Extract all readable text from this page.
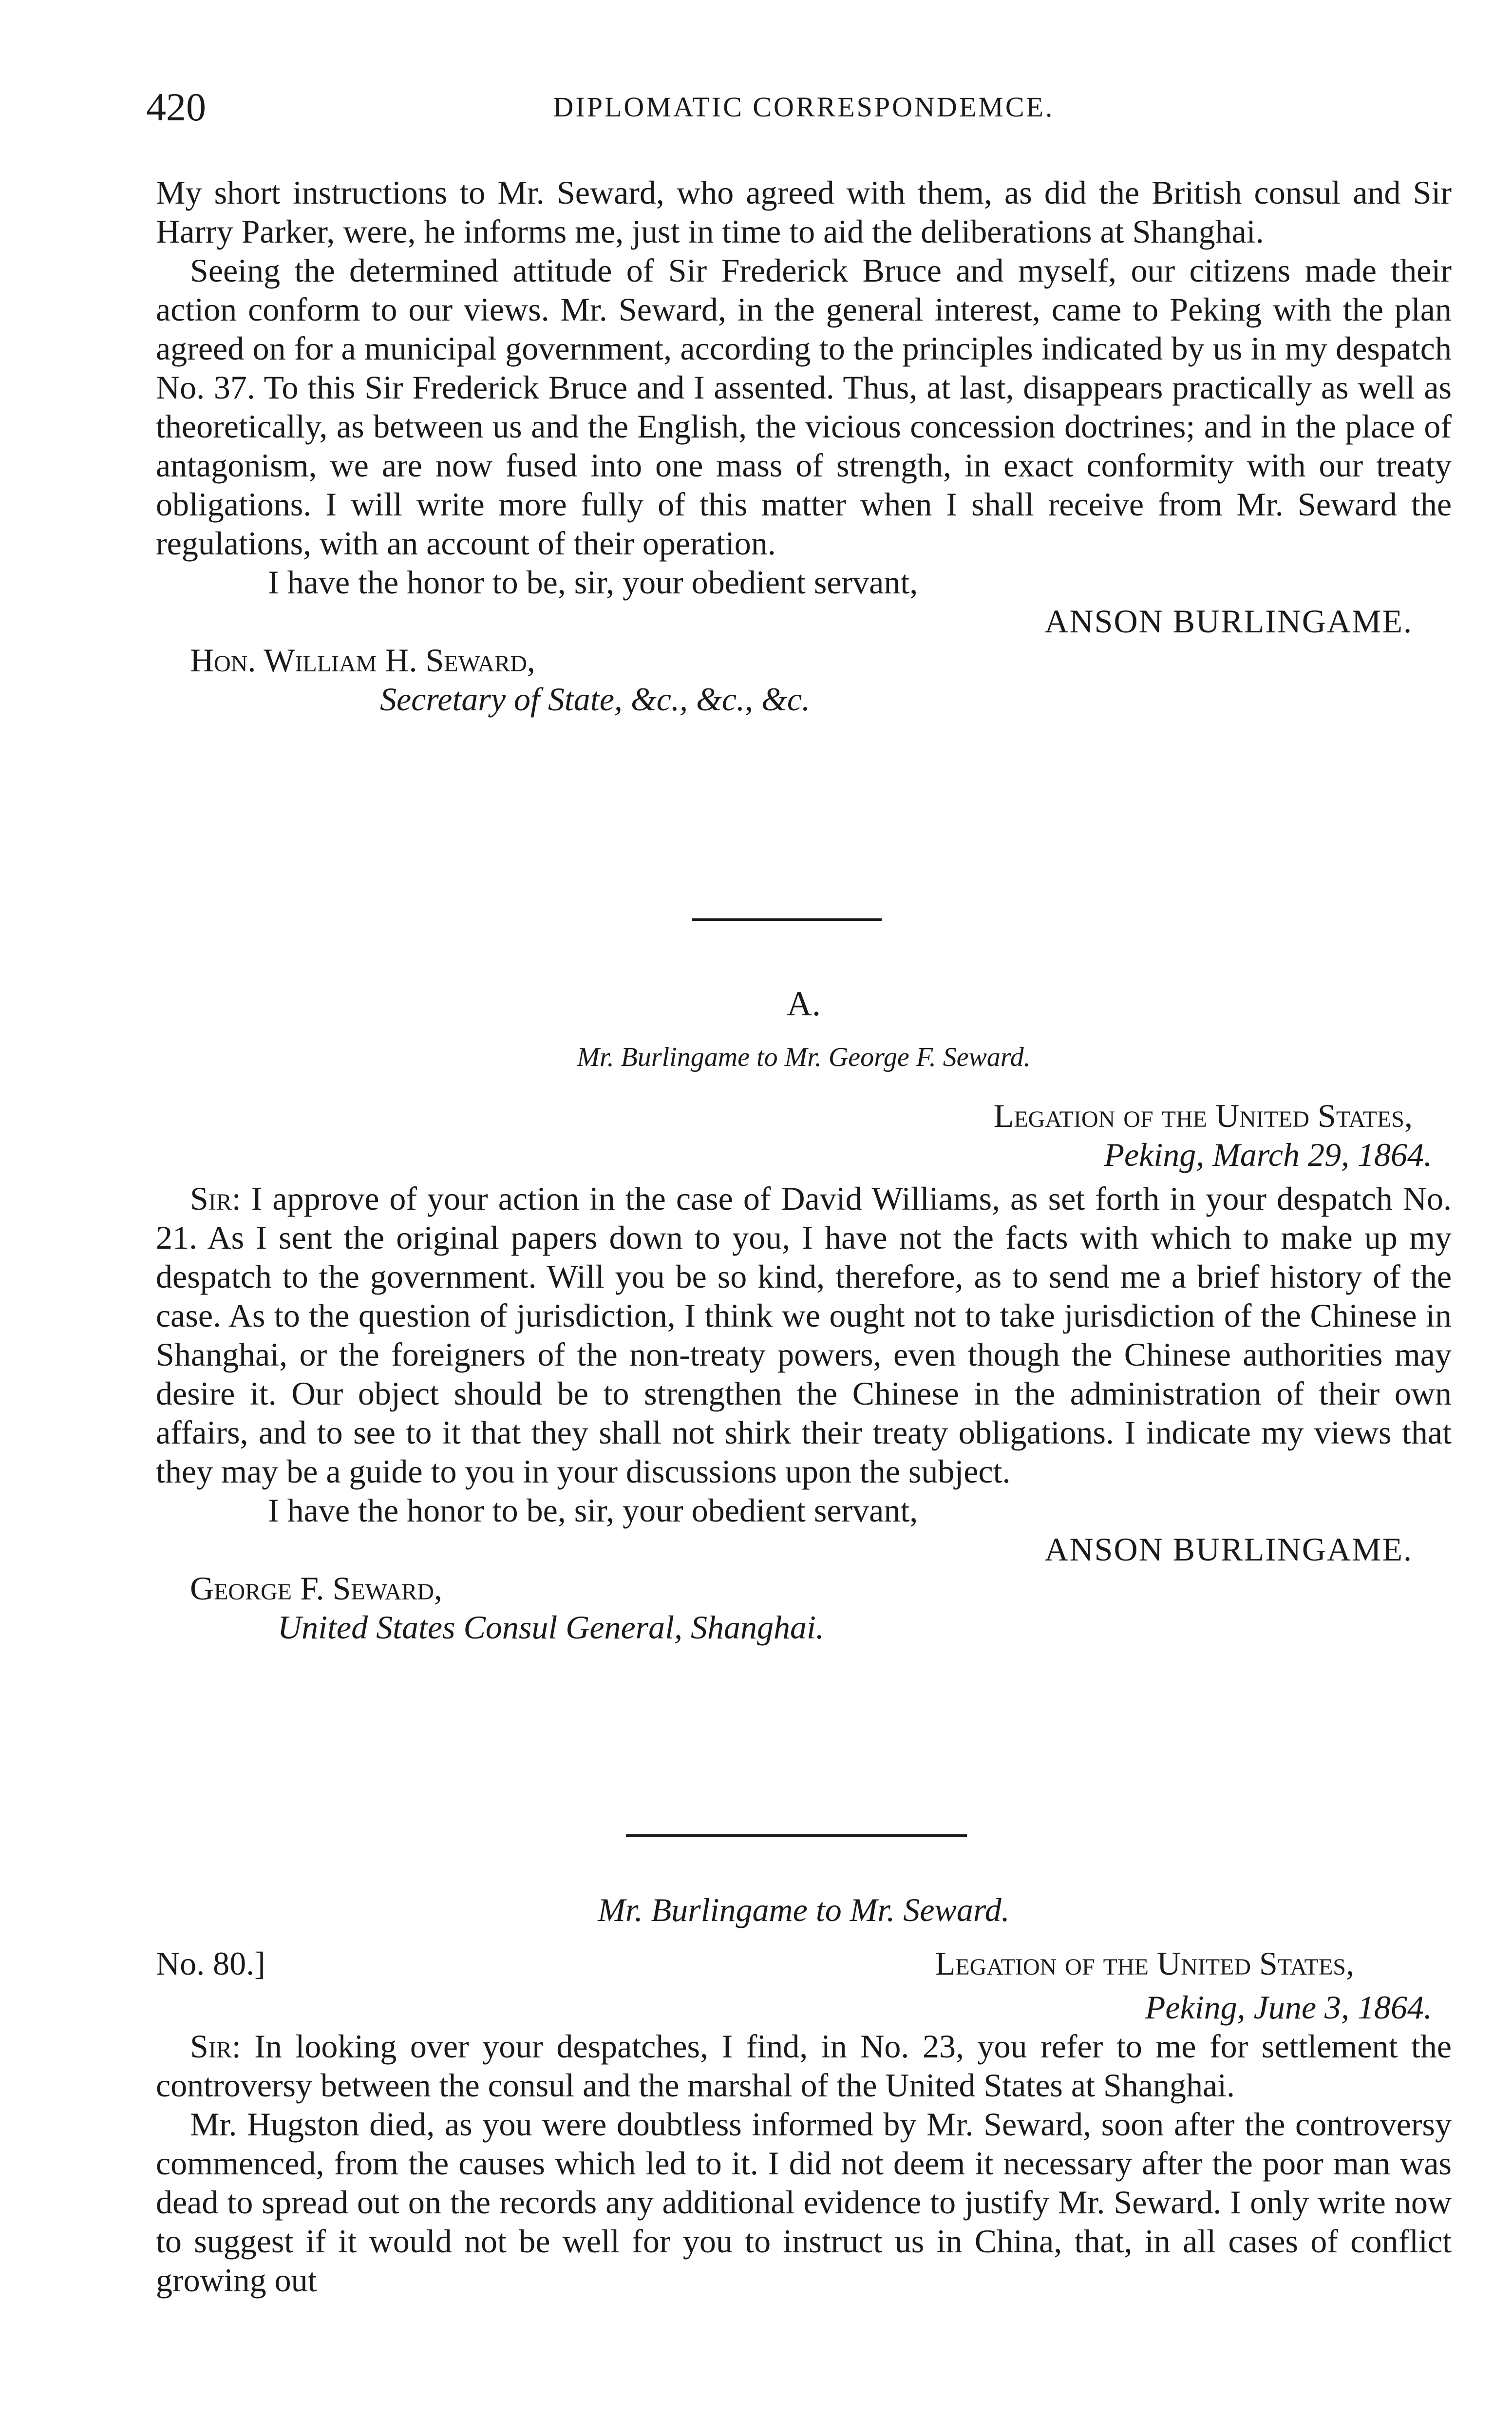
420	DIPLOMATIC CORRESPONDEMCE.

My short instructions to Mr. Seward, who agreed with them, as did the British consul and Sir Harry Parker, were, he informs me, just in time to aid the deliberations at Shanghai.

Seeing the determined attitude of Sir Frederick Bruce and myself, our citizens made their action conform to our views. Mr. Seward, in the general interest, came to Peking with the plan agreed on for a municipal government, according to the principles indicated by us in my despatch No. 37. To this Sir Frederick Bruce and I assented. Thus, at last, disappears practically as well as theoretically, as between us and the English, the vicious concession doctrines; and in the place of antagonism, we are now fused into one mass of strength, in exact conformity with our treaty obligations. I will write more fully of this matter when I shall receive from Mr. Seward the regulations, with an account of their operation.

I have the honor to be, sir, your obedient servant,

ANSON BURLINGAME.

Hon. William H. Seward,

Secretary of State, &c., &c., &c.

A.

Mr. Burlingame to Mr. George F. Seward.

Legation of the United States,

Peking, March 29, 1864.

Sir: I approve of your action in the case of David Williams, as set forth in your despatch No. 21. As I sent the original papers down to you, I have not the facts with which to make up my despatch to the government. Will you be so kind, therefore, as to send me a brief history of the case. As to the question of jurisdiction, I think we ought not to take jurisdiction of the Chinese in Shanghai, or the foreigners of the non-treaty powers, even though the Chinese authorities may desire it. Our object should be to strengthen the Chinese in the administration of their own affairs, and to see to it that they shall not shirk their treaty obligations. I indicate my views that they may be a guide to you in your discussions upon the subject.

I have the honor to be, sir, your obedient servant,

ANSON BURLINGAME.

George F. Seward,

United States Consul General, Shanghai.

Mr. Burlingame to Mr. Seward.

No. 80.]	Legation of the United States,

Peking, June 3, 1864.

Sir: In looking over your despatches, I find, in No. 23, you refer to me for settlement the controversy between the consul and the marshal of the United States at Shanghai.

Mr. Hugston died, as you were doubtless informed by Mr. Seward, soon after the controversy commenced, from the causes which led to it. I did not deem it necessary after the poor man was dead to spread out on the records any additional evidence to justify Mr. Seward. I only write now to suggest if it would not be well for you to instruct us in China, that, in all cases of conflict growing out
